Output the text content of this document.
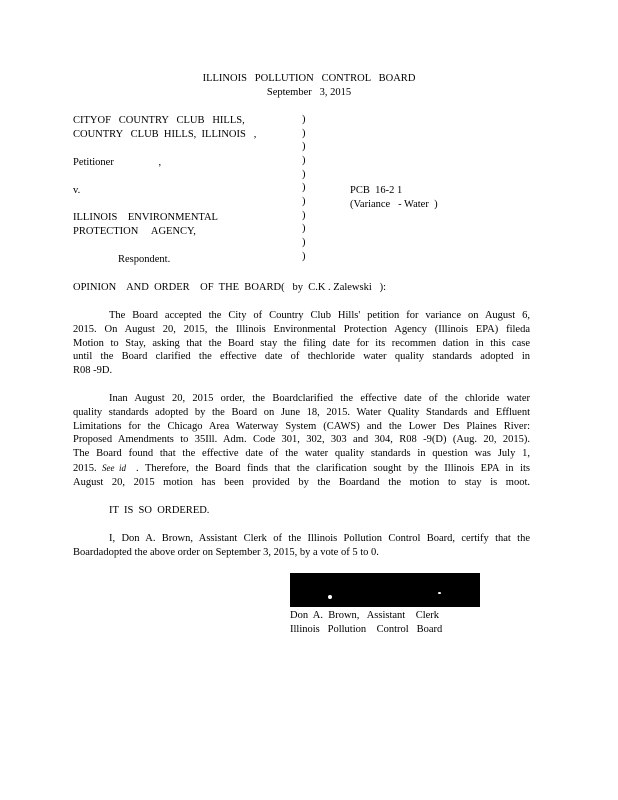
ILLINOIS   POLLUTION   CONTROL   BOARD
September   3, 2015
CITYOF   COUNTRY   CLUB   HILLS,
COUNTRY   CLUB  HILLS,  ILLINOIS   ,
Petitioner                 ,
v.
ILLINOIS    ENVIRONMENTAL
PROTECTION     AGENCY,
Respondent.
)
)
)
)
)
)
)
)
)
)
)
PCB  16-2 1
(Variance   - Water  )
OPINION    AND  ORDER    OF  THE  BOARD(   by  C.K . Zalewski   ):
The Board accepted the City of Country Club Hills' petition for variance on August 6,
2015. On August 20, 2015, the Illinois Environmental Protection Agency (Illinois EPA) fileda
Motion to Stay, asking that the Board stay the filing date for its recommen dation in this case
until the Board clarified the effective date of thechloride water quality standards adopted in
R08 -9D.
Inan August 20, 2015 order, the Boardclarified the effective date of the chloride water
quality standards adopted by the Board on June 18, 2015. Water Quality Standards and Effluent
Limitations for the Chicago Area Waterway System (CAWS) and the Lower Des Plaines River:
Proposed Amendments to 35Ill. Adm. Code 301, 302, 303 and 304, R08 -9(D) (Aug. 20, 2015).
The Board found that the effective date of the water quality standards in question was July 1,
2015. See  id . Therefore, the Board finds that the clarification sought by the Illinois EPA in its
August 20, 2015 motion has been provided by the Boardand the motion to stay is moot.
IT  IS  SO  ORDERED.
I, Don A. Brown, Assistant Clerk of the Illinois Pollution Control Board, certify that the
Boardadopted the above order on September 3, 2015, by a vote of 5 to 0.
Don  A.  Brown,   Assistant    Clerk
Illinois   Pollution    Control   Board
